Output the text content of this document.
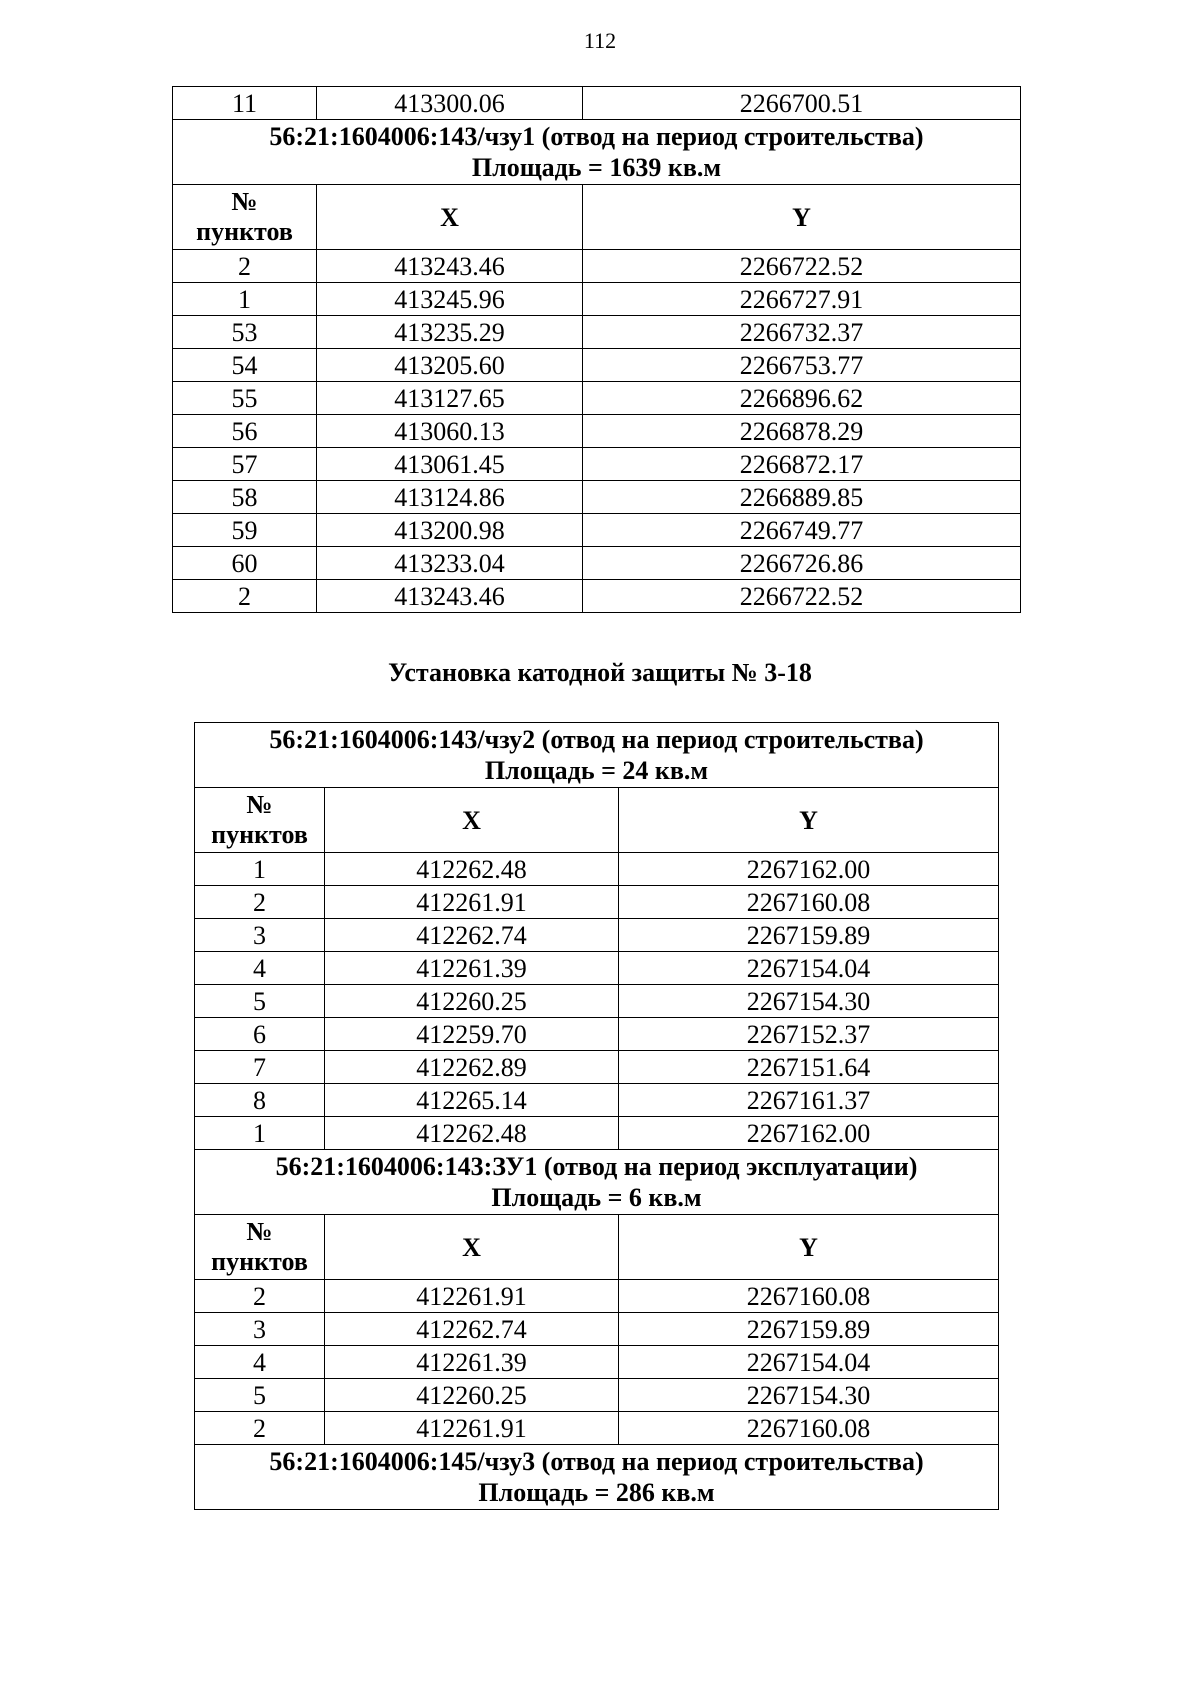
112
11	413300.06	2266700.51

56:21:1604006:143/чзу1 (отвод на период строительства)
Площадь = 1639 кв.м		

№
пунктов	X	Y
2	413243.46	2266722.52
1	413245.96	2266727.91
53	413235.29	2266732.37
54	413205.60	2266753.77
55	413127.65	2266896.62
56	413060.13	2266878.29
57	413061.45	2266872.17
58	413124.86	2266889.85
59	413200.98	2266749.77
60	413233.04	2266726.86
2	413243.46	2266722.52
Установка катодной защиты № 3-18
56:21:1604006:143/чзу2 (отвод на период строительства)
Площадь = 24 кв.м		

№
пунктов	X	Y
1	412262.48	2267162.00
2	412261.91	2267160.08
3	412262.74	2267159.89
4	412261.39	2267154.04
5	412260.25	2267154.30
6	412259.70	2267152.37
7	412262.89	2267151.64
8	412265.14	2267161.37
1	412262.48	2267162.00

56:21:1604006:143:ЗУ1 (отвод на период эксплуатации)
Площадь = 6 кв.м		

№
пунктов	X	Y
2	412261.91	2267160.08
3	412262.74	2267159.89
4	412261.39	2267154.04
5	412260.25	2267154.30
2	412261.91	2267160.08

56:21:1604006:145/чзу3 (отвод на период строительства)
Площадь = 286 кв.м		
